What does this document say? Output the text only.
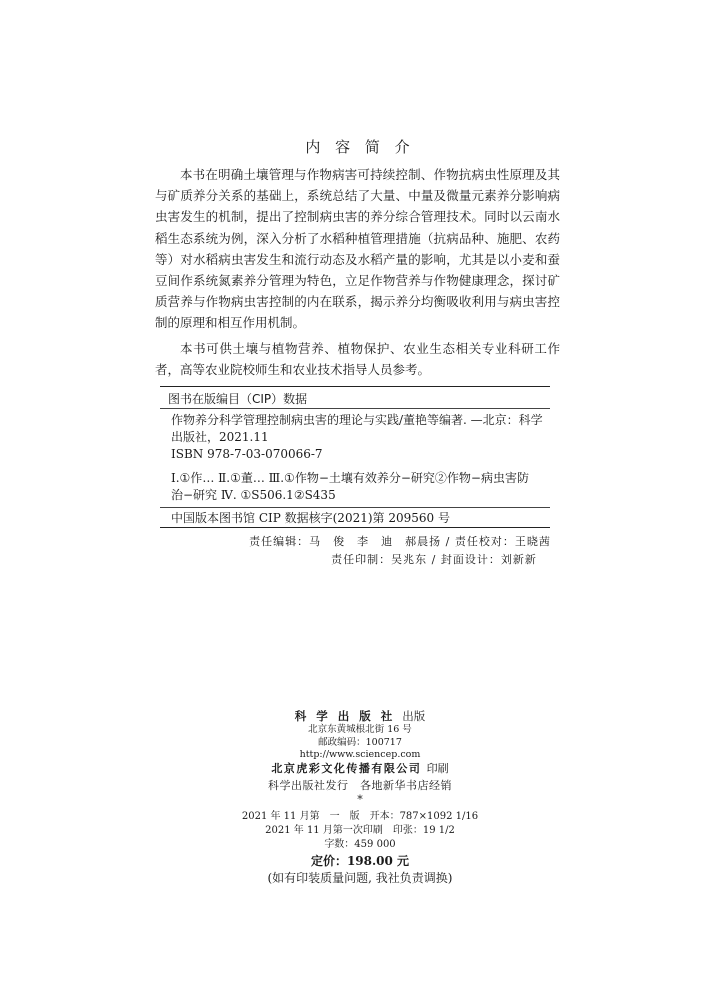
内 容 简 介

本书在明确土壤管理与作物病害可持续控制、作物抗病虫性原理及其
与矿质养分关系的基础上，系统总结了大量、中量及微量元素养分影响病
虫害发生的机制，提出了控制病虫害的养分综合管理技术。同时以云南水
稻生态系统为例，深入分析了水稻种植管理措施（抗病品种、施肥、农药
等）对水稻病虫害发生和流行动态及水稻产量的影响，尤其是以小麦和蚕
豆间作系统氮素养分管理为特色，立足作物营养与作物健康理念，探讨矿
质营养与作物病虫害控制的内在联系，揭示养分均衡吸收利用与病虫害控
制的原理和相互作用机制。

本书可供土壤与植物营养、植物保护、农业生态相关专业科研工作
者，高等农业院校师生和农业技术指导人员参考。

图书在版编目（CIP）数据
作物养分科学管理控制病虫害的理论与实践/董艳等编著. —北京：科学
出版社，2021.11
ISBN 978-7-03-070066-7
Ⅰ.①作… Ⅱ.①董… Ⅲ.①作物−土壤有效养分−研究②作物−病虫害防
治−研究 Ⅳ. ①S506.1②S435
中国版本图书馆 CIP 数据核字(2021)第 209560 号
责任编辑：马　俊　李　迪　郝晨扬 / 责任校对：王晓茜
责任印制：吴兆东 / 封面设计：刘新新
科 学 出 版 社 出版
北京东黄城根北街 16 号
邮政编码：100717
http://www.sciencep.com
北京虎彩文化传播有限公司 印刷
科学出版社发行　各地新华书店经销
*
2021 年 11 月第　一　版　开本：787×1092 1/16
2021 年 11 月第一次印刷　印张：19 1/2
字数：459 000
定价：198.00 元
(如有印装质量问题, 我社负责调换)
